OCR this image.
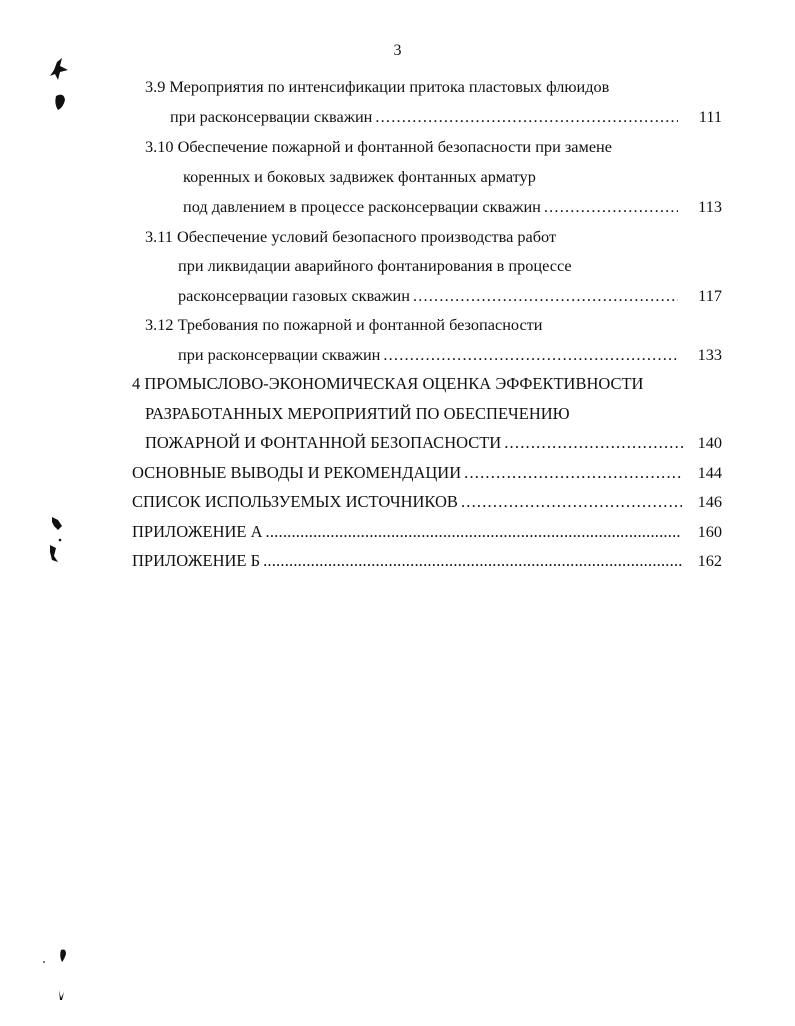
3
3.9 Мероприятия по интенсификации притока пластовых флюидов
при расконсервации скважин .....	111
3.10 Обеспечение пожарной и фонтанной безопасности при замене
коренных и боковых задвижек фонтанных арматур
под давлением в процессе расконсервации скважин .....	113
3.11 Обеспечение условий безопасного производства работ
при ликвидации аварийного фонтанирования в процессе
расконсервации газовых скважин .....	117
3.12 Требования по пожарной и фонтанной безопасности
при расконсервации скважин .....	133
4 ПРОМЫСЛОВО-ЭКОНОМИЧЕСКАЯ ОЦЕНКА ЭФФЕКТИВНОСТИ
РАЗРАБОТАННЫХ МЕРОПРИЯТИЙ ПО ОБЕСПЕЧЕНИЮ
ПОЖАРНОЙ И ФОНТАННОЙ БЕЗОПАСНОСТИ .....	140
ОСНОВНЫЕ ВЫВОДЫ И РЕКОМЕНДАЦИИ .....	144
СПИСОК ИСПОЛЬЗУЕМЫХ ИСТОЧНИКОВ .....	146
ПРИЛОЖЕНИЕ А .....	160
ПРИЛОЖЕНИЕ Б .....	162
